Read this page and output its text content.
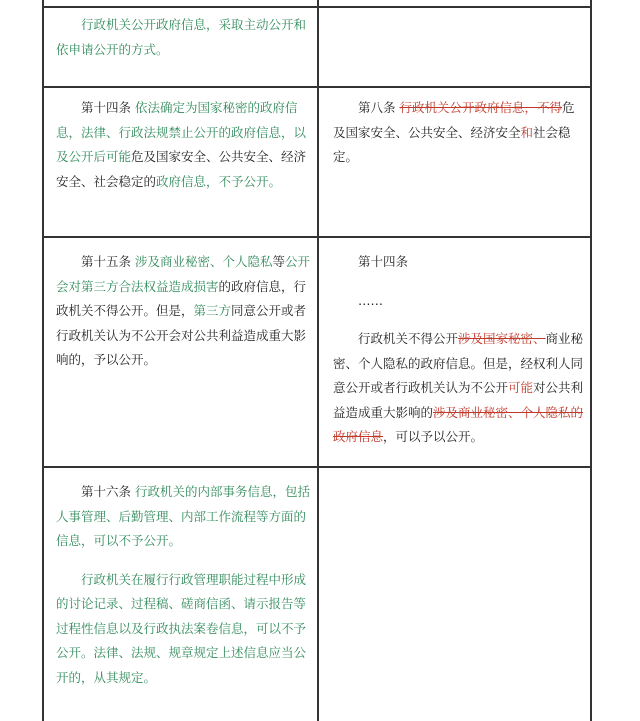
行政机关公开政府信息，采取主动公开和依申请公开的方式。

第十四条 依法确定为国家秘密的政府信息，法律、行政法规禁止公开的政府信息，以及公开后可能危及国家安全、公共安全、经济安全、社会稳定的政府信息，不予公开。

第八条 行政机关公开政府信息，不得危及国家安全、公共安全、经济安全和社会稳定。

第十五条 涉及商业秘密、个人隐私等公开会对第三方合法权益造成损害的政府信息，行政机关不得公开。但是，第三方同意公开或者行政机关认为不公开会对公共利益造成重大影响的，予以公开。

第十四条

……

行政机关不得公开涉及国家秘密、商业秘密、个人隐私的政府信息。但是，经权利人同意公开或者行政机关认为不公开可能对公共利益造成重大影响的涉及商业秘密、个人隐私的政府信息，可以予以公开。

第十六条 行政机关的内部事务信息，包括人事管理、后勤管理、内部工作流程等方面的信息，可以不予公开。

行政机关在履行行政管理职能过程中形成的讨论记录、过程稿、磋商信函、请示报告等过程性信息以及行政执法案卷信息，可以不予公开。法律、法规、规章规定上述信息应当公开的，从其规定。
